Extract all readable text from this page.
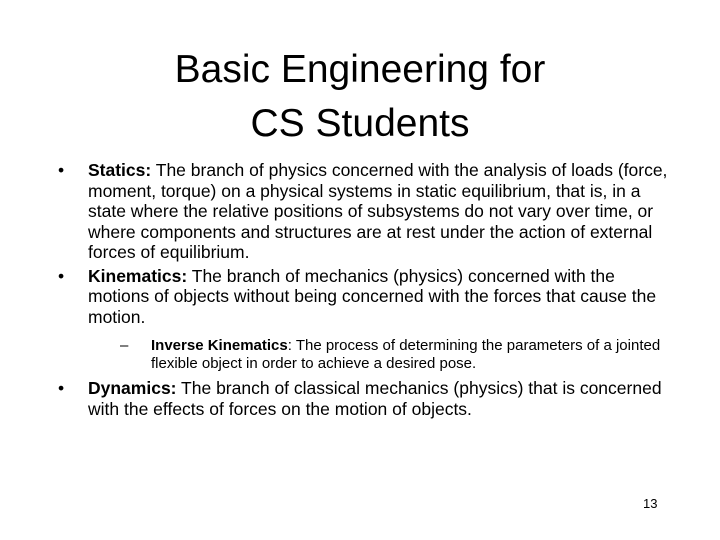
Basic Engineering for
CS Students
• Statics: The branch of physics concerned with the analysis of loads (force, moment, torque) on a physical systems in static equilibrium, that is, in a state where the relative positions of subsystems do not vary over time, or where components and structures are at rest under the action of external forces of equilibrium.
• Kinematics: The branch of mechanics (physics) concerned with the motions of objects without being concerned with the forces that cause the motion.
– Inverse Kinematics: The process of determining the parameters of a jointed flexible object in order to achieve a desired pose.
• Dynamics: The branch of classical mechanics (physics) that is concerned with the effects of forces on the motion of objects.
13
